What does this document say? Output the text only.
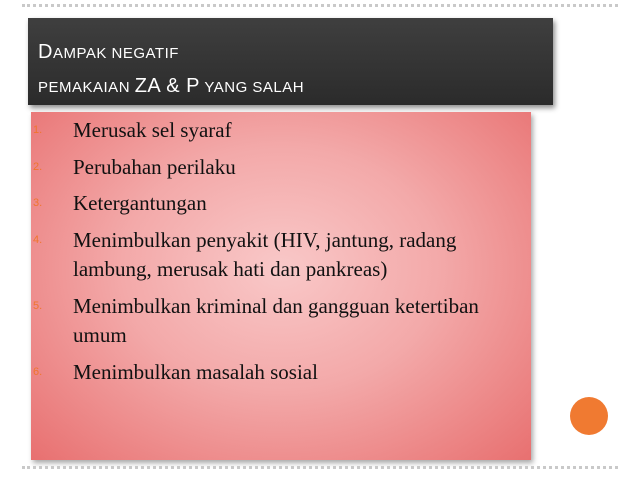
DAMPAK NEGATIF
PEMAKAIAN ZA & P YANG SALAH
1. Merusak sel syaraf
2. Perubahan perilaku
3. Ketergantungan
4. Menimbulkan penyakit (HIV, jantung, radang lambung, merusak hati dan pankreas)
5. Menimbulkan kriminal dan gangguan ketertiban umum
6. Menimbulkan masalah sosial
